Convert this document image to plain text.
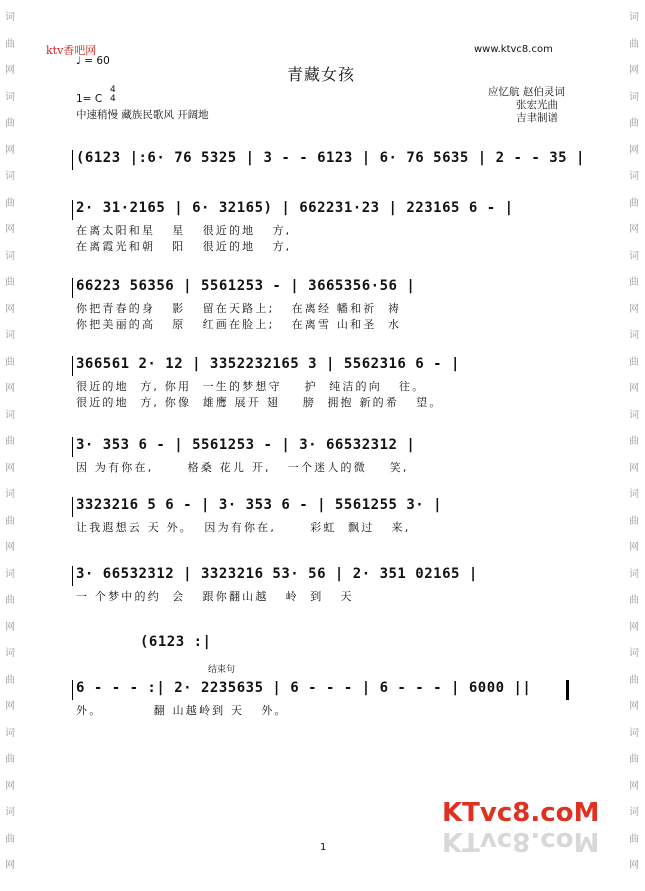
词
曲
网
词
曲
网
词
曲
网
词
曲
网
词
曲
网
词
曲
网
词
曲
网
词
曲
网
词
曲
网
词
曲
网
词
曲
网
词
曲
网
词
曲
网
词
曲
网
词
曲
网
词
曲
网
词
曲
网
词
曲
网
词
曲
网
词
曲
网
词
曲
网
词
曲
网
ktv香吧网	www.ktvc8.com
♩ = 60
青藏女孩
1= C
4
4
中速稍慢 藏族民歌风 开阔地
应忆航 赵伯灵词
张宏光曲
吉聿制谱
(6123 |:6· 76 5325 | 3 - - 6123 | 6· 76 5635 | 2 - - 35 |
2· 31·2165 | 6· 32165) | 662231·23 | 223165 6 - |
在离太阳和星   星   很近的地   方,
在离霞光和朝   阳   很近的地   方,
66223 56356 | 5561253 - | 3665356·56 |
你把青春的身   影   留在天路上;   在离经 幡和祈  祷
你把美丽的高   原   红画在脸上;   在离雪 山和圣  水
366561 2· 12 | 3352232165 3 | 5562316 6 - |
很近的地  方, 你用  一生的梦想守    护  纯洁的向   往。
很近的地  方, 你像  雄鹰 展开 翅    膀  拥抱 新的希   望。
3· 353 6 - | 5561253 - | 3· 66532312 |
因 为有你在,      格桑 花儿 开,   一个迷人的微    笑,
3323216 5 6 - | 3· 353 6 - | 5561255 3· |
让我遐想云 天 外。  因为有你在,      彩虹  飘过   来,
3· 66532312 | 3323216 53· 56 | 2· 351 02165 |
一 个梦中的约  会   跟你翻山越   岭  到   天
(6123 :|
结束句
6 - - - :| 2· 2235635 | 6 - - - | 6 - - - | 6000 ||
外。         翻 山越岭到 天   外。
1
KTvc8.coM
KTvc8.coM
